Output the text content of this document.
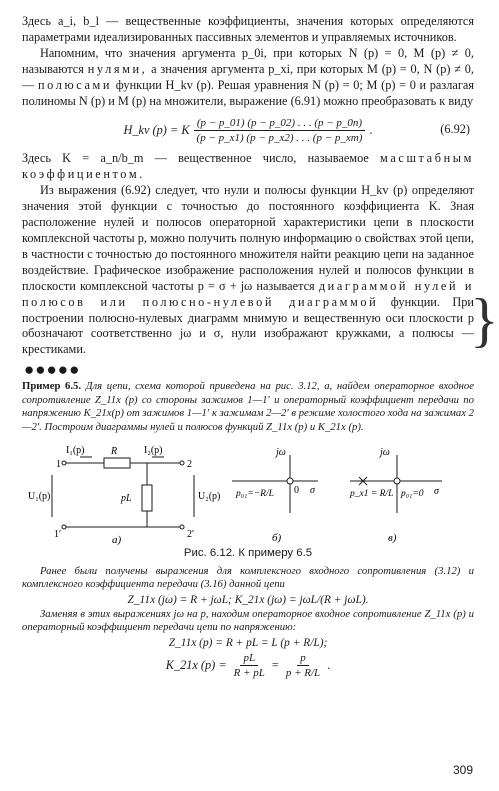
Здесь a_i, b_l — вещественные коэффициенты, значения которых определяются параметрами идеализированных пассивных элементов и управляемых источников.

Напомним, что значения аргумента p_0i, при которых N (p) = 0, M (p) ≠ 0, называются нулями, а значения аргумента p_xi, при которых M (p) = 0, N (p) ≠ 0, — полюсами функции H_kv (p). Решая уравнения N (p) = 0; M (p) = 0 и разлагая полиномы N (p) и M (p) на множители, выражение (6.91) можно преобразовать к виду

H_kv (p) = K $\frac{(p - p\_01) (p - p\_02) . . . (p - p\_0n)}{(p - p\_x1) (p - p\_x2) . . . (p - p\_xm)}$ .	(6.92)

Здесь K = a_n/b_m — вещественное число, называемое масштабным коэффициентом.

Из выражения (6.92) следует, что нули и полюсы функции H_kv (p) определяют значения этой функции с точностью до постоянного коэффициента K. Зная расположение нулей и полюсов операторной характеристики цепи в плоскости комплексной частоты p, можно получить полную информацию о свойствах этой цепи, в частности с точностью до постоянного множителя найти реакцию цепи на заданное воздействие. Графическое изображение расположения нулей и полюсов функции в плоскости комплексной частоты p = σ + jω называется диаграммой нулей и полюсов или полюсно-нулевой диаграммой функции. При построении полюсно-нулевых диаграмм мнимую и вещественную оси плоскости p обозначают соответственно jω и σ, нули изображают кружками, а полюсы — крестиками.

●●●●●

Пример 6.5. Для цепи, схема которой приведена на рис. 3.12, а, найдем операторное входное сопротивление Z_11x (p) со стороны зажимов 1—1′ и операторный коэффициент передачи по напряжению K_21x(p) от зажимов 1—1′ к зажимам 2—2′ в режиме холостого хода на зажимах 2—2′. Построим диаграммы нулей и полюсов функций Z_11x (p) и K_21x (p).

I₁(p)	R	I₂(p)
1	2
1′	2′
U₁(p)	U₂(p)
pL
а)
jω
p₀₁=−R/L 0 σ
б)
jω
p_x1 = R/L p₀₁=0 σ
в)
Рис. 6.12. К примеру 6.5

Ранее были получены выражения для комплексного входного сопротивления (3.12) и комплексного коэффициента передачи (3.16) данной цепи

Z_11x (jω) = R + jωL; K_21x (jω) = jωL/(R + jωL).

Заменяя в этих выражениях jω на p, находим операторное входное сопротивление Z_11x (p) и операторный коэффициент передачи цепи по напряжению:

Z_11x (p) = R + pL = L (p + R/L);
K_21x $(p) = \frac{pL}{R + pL} = \frac{p}{p + R/L}$ .
}
309
